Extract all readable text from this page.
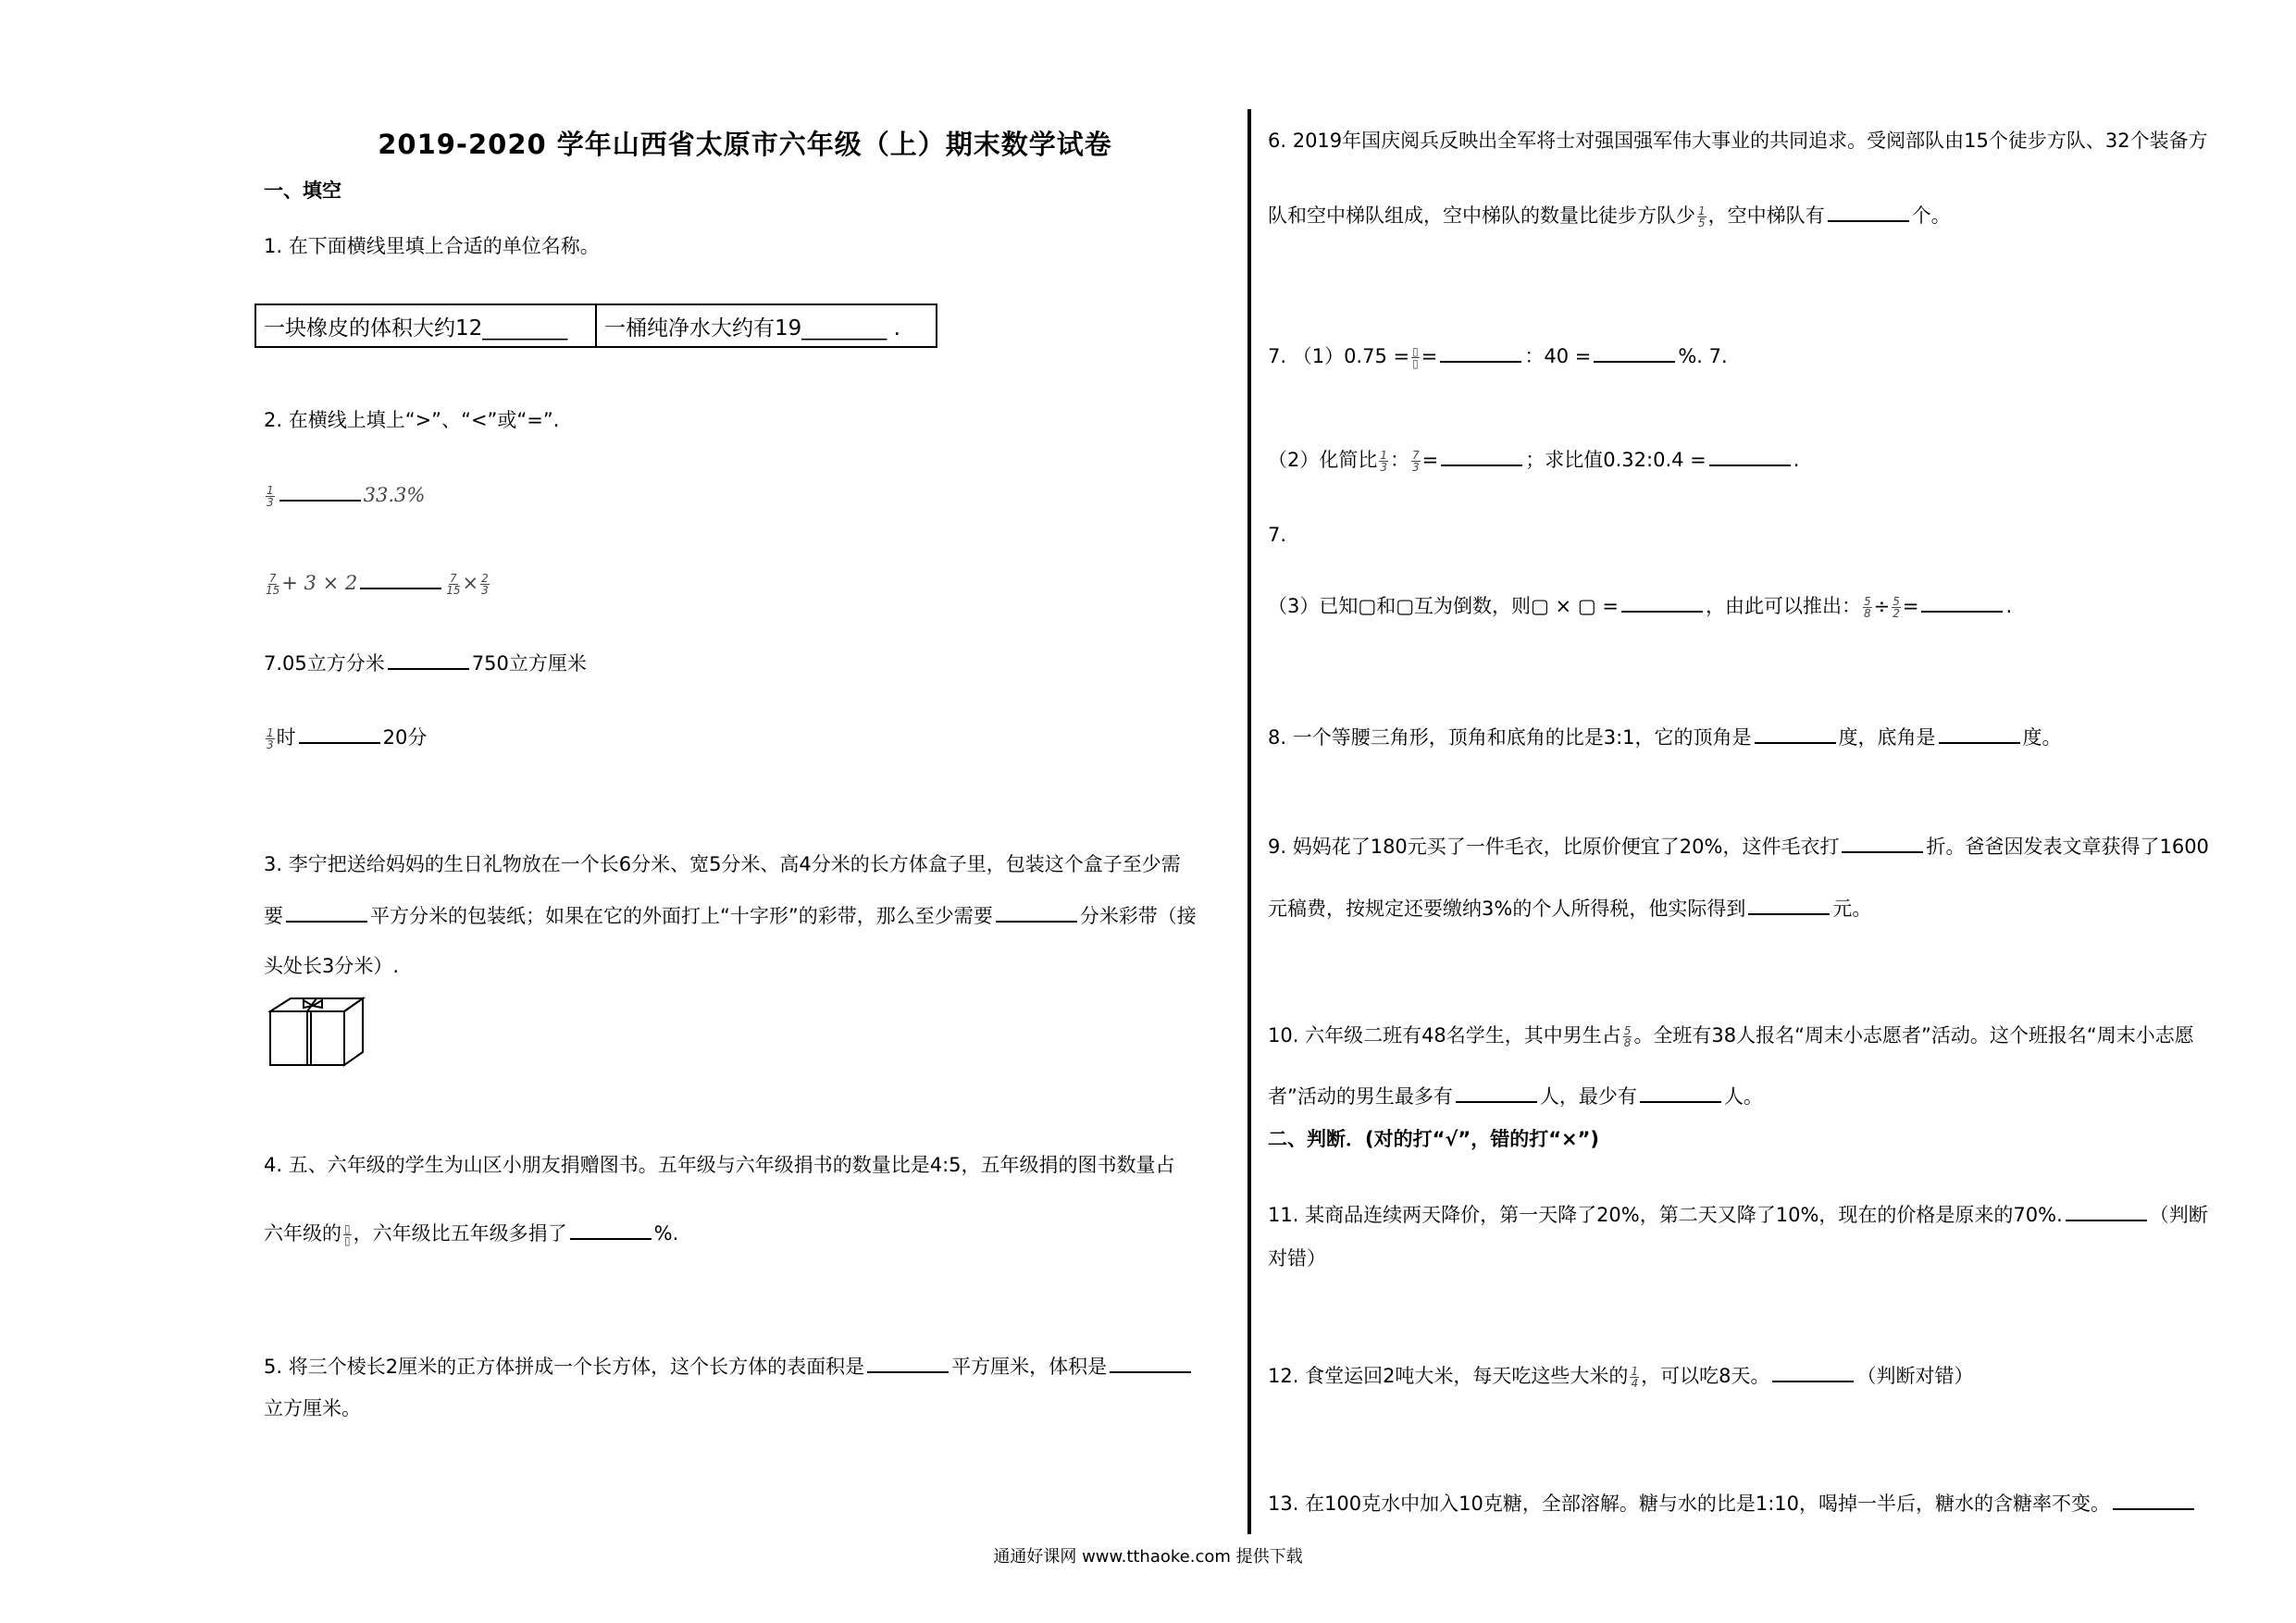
2019-2020 学年山西省太原市六年级（上）期末数学试卷
一、填空
1. 在下面横线里填上合适的单位名称。
一块橡皮的体积大约12________	一桶纯净水大约有19________ .
2. 在横线上填上“>”、“<”或“=”.
$\frac{1}{3}$	33.3%
$\frac{7}{15} + 3 \times 2$	$\frac{7}{15} \times \frac{2}{3}$
7.05立方分米	750立方厘米
$\frac{1}{3}$ 时	20分
3. 李宁把送给妈妈的生日礼物放在一个长6分米、宽5分米、高4分米的长方体盒子里，包装这个盒子至少需
要	平方分米的包装纸；如果在它的外面打上“十字形”的彩带，那么至少需要	分米彩带（接
头处长3分米）.
4. 五、六年级的学生为山区小朋友捐赠图书。五年级与六年级捐书的数量比是4:5，五年级捐的图书数量占
六年级的 $\frac{▯}{▯}$ ，六年级比五年级多捐了	%.
5. 将三个棱长2厘米的正方体拼成一个长方体，这个长方体的表面积是	平方厘米，体积是
立方厘米。
6. 2019年国庆阅兵反映出全军将士对强国强军伟大事业的共同追求。受阅部队由15个徒步方队、32个装备方
队和空中梯队组成，空中梯队的数量比徒步方队少 $\frac{1}{5}$ ，空中梯队有	个。
7. $(1)0.75 = \frac{▯}{▯}$ =	：40 =	%. 7.
（2）化简比 $\frac{1}{3}$ ： $\frac{7}{3}$ =	；求比值0.32:0.4 =	.
7.
（3）已知▢和▢互为倒数，则▢ × ▢ =	，由此可以推出： $\frac{5}{8} \div \frac{5}{2}$ =	.
8. 一个等腰三角形，顶角和底角的比是3:1，它的顶角是	度，底角是	度。
9. 妈妈花了180元买了一件毛衣，比原价便宜了20%，这件毛衣打	折。爸爸因发表文章获得了1600
元稿费，按规定还要缴纳3%的个人所得税，他实际得到	元。
10. 六年级二班有48名学生，其中男生占 $\frac{5}{8}$ 。全班有38人报名“周末小志愿者”活动。这个班报名“周末小志愿
者”活动的男生最多有	人，最少有	人。
二、判断．(对的打“√”，错的打“×”)
11. 某商品连续两天降价，第一天降了20%，第二天又降了10%，现在的价格是原来的70%.	（判断
对错）
12. 食堂运回2吨大米，每天吃这些大米的 $\frac{1}{4}$ ，可以吃8天。	（判断对错）
13. 在100克水中加入10克糖，全部溶解。糖与水的比是1:10，喝掉一半后，糖水的含糖率不变。
通通好课网 www.tthaoke.com 提供下载
